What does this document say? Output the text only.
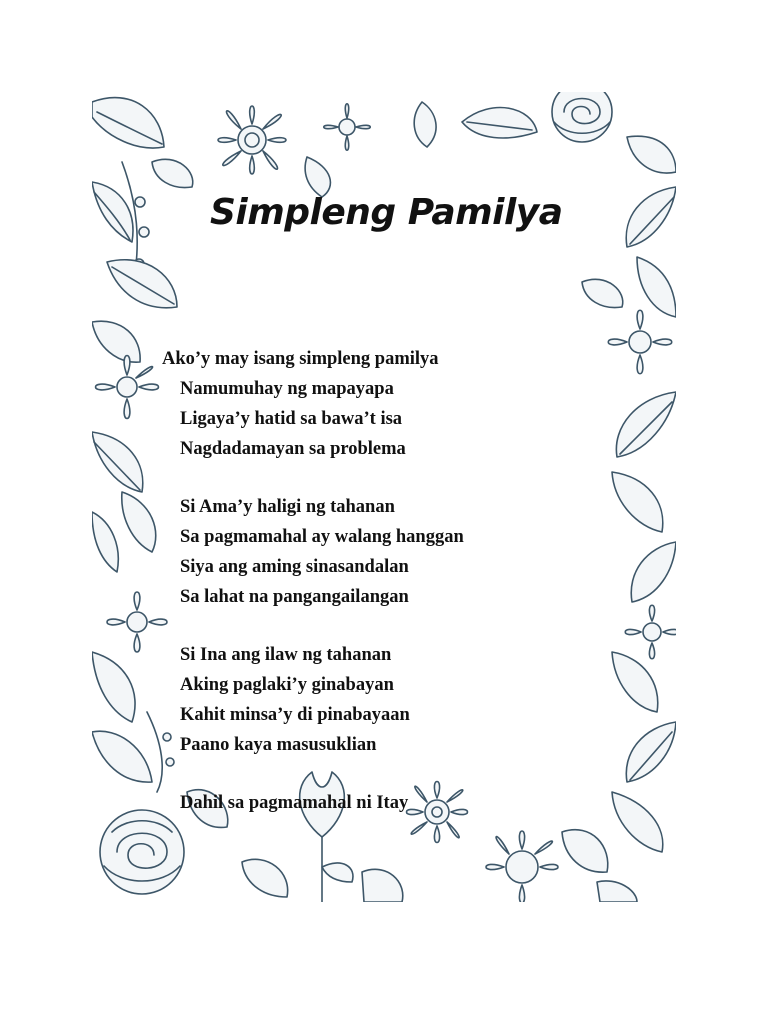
Simpleng Pamilya
Ako’y may isang simpleng pamilya
Namumuhay ng mapayapa
Ligaya’y hatid sa bawa’t isa
Nagdadamayan sa problema
Si Ama’y haligi ng tahanan
Sa pagmamahal ay walang hanggan
Siya ang aming sinasandalan
Sa lahat na pangangailangan
Si Ina ang ilaw ng tahanan
Aking paglaki’y ginabayan
Kahit minsa’y di pinabayaan
Paano kaya masusuklian
Dahil sa pagmamahal ni Itay
